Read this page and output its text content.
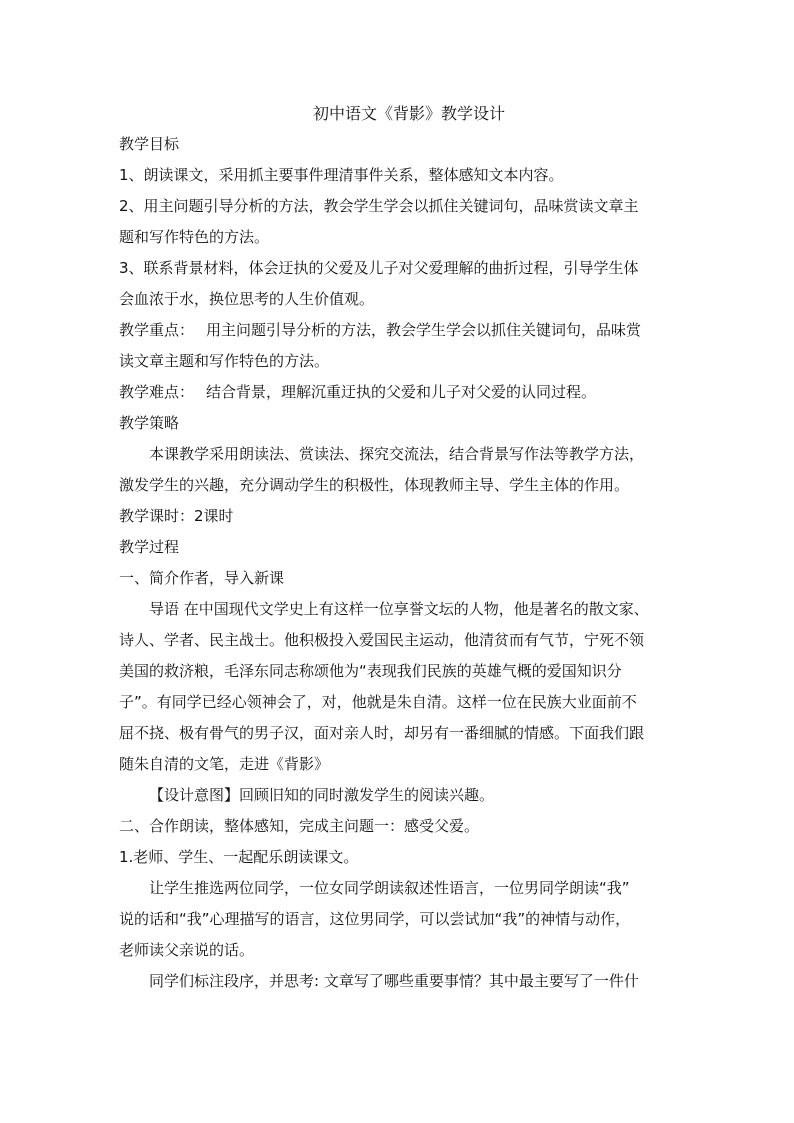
初中语文《背影》教学设计
教学目标
1、朗读课文，采用抓主要事件理清事件关系，整体感知文本内容。
2、用主问题引导分析的方法，教会学生学会以抓住关键词句，品味赏读文章主
题和写作特色的方法。
3、联系背景材料，体会迂执的父爱及儿子对父爱理解的曲折过程，引导学生体
会血浓于水，换位思考的人生价值观。
教学重点： 用主问题引导分析的方法，教会学生学会以抓住关键词句，品味赏
读文章主题和写作特色的方法。
教学难点： 结合背景，理解沉重迂执的父爱和儿子对父爱的认同过程。
教学策略
本课教学采用朗读法、赏读法、探究交流法，结合背景写作法等教学方法，
激发学生的兴趣，充分调动学生的积极性，体现教师主导、学生主体的作用。
教学课时：2课时
教学过程
一、简介作者，导入新课
导语 在中国现代文学史上有这样一位享誉文坛的人物，他是著名的散文家、
诗人、学者、民主战士。他积极投入爱国民主运动，他清贫而有气节，宁死不领
美国的救济粮，毛泽东同志称颂他为“表现我们民族的英雄气概的爱国知识分
子”。有同学已经心领神会了，对，他就是朱自清。这样一位在民族大业面前不
屈不挠、极有骨气的男子汉，面对亲人时，却另有一番细腻的情感。下面我们跟
随朱自清的文笔，走进《背影》
【设计意图】回顾旧知的同时激发学生的阅读兴趣。
二、合作朗读，整体感知，完成主问题一：感受父爱。
1.老师、学生、一起配乐朗读课文。
让学生推选两位同学，一位女同学朗读叙述性语言，一位男同学朗读“我”
说的话和“我”心理描写的语言，这位男同学，可以尝试加“我”的神情与动作，
老师读父亲说的话。
同学们标注段序，并思考: 文章写了哪些重要事情？其中最主要写了一件什
